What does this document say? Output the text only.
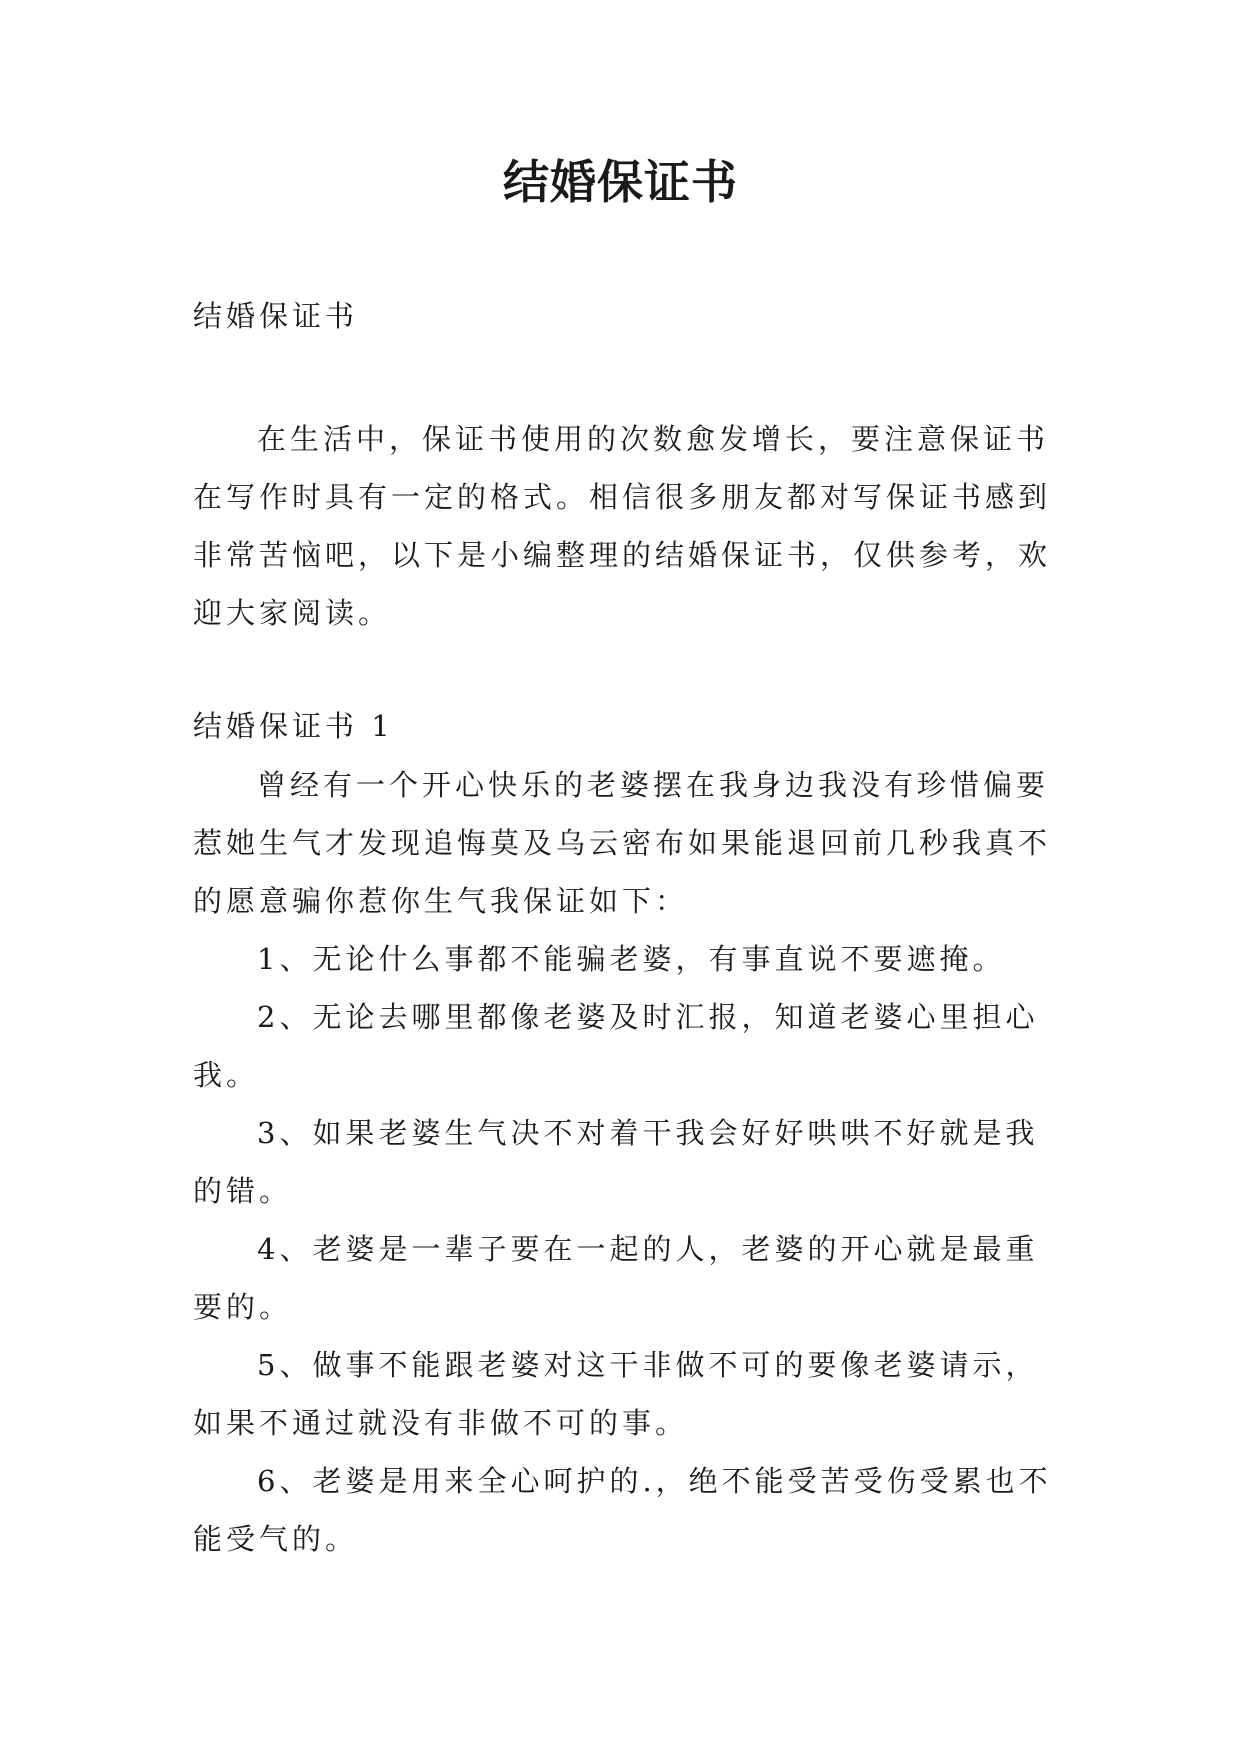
结婚保证书

结婚保证书

在生活中，保证书使用的次数愈发增长，要注意保证书在写作时具有一定的格式。相信很多朋友都对写保证书感到非常苦恼吧，以下是小编整理的结婚保证书，仅供参考，欢迎大家阅读。

结婚保证书 1

曾经有一个开心快乐的老婆摆在我身边我没有珍惜偏要惹她生气才发现追悔莫及乌云密布如果能退回前几秒我真不的愿意骗你惹你生气我保证如下：

1、无论什么事都不能骗老婆，有事直说不要遮掩。

2、无论去哪里都像老婆及时汇报，知道老婆心里担心我。

3、如果老婆生气决不对着干我会好好哄哄不好就是我的错。

4、老婆是一辈子要在一起的人，老婆的开心就是最重要的。

5、做事不能跟老婆对这干非做不可的要像老婆请示，如果不通过就没有非做不可的事。

6、老婆是用来全心呵护的.，绝不能受苦受伤受累也不能受气的。
